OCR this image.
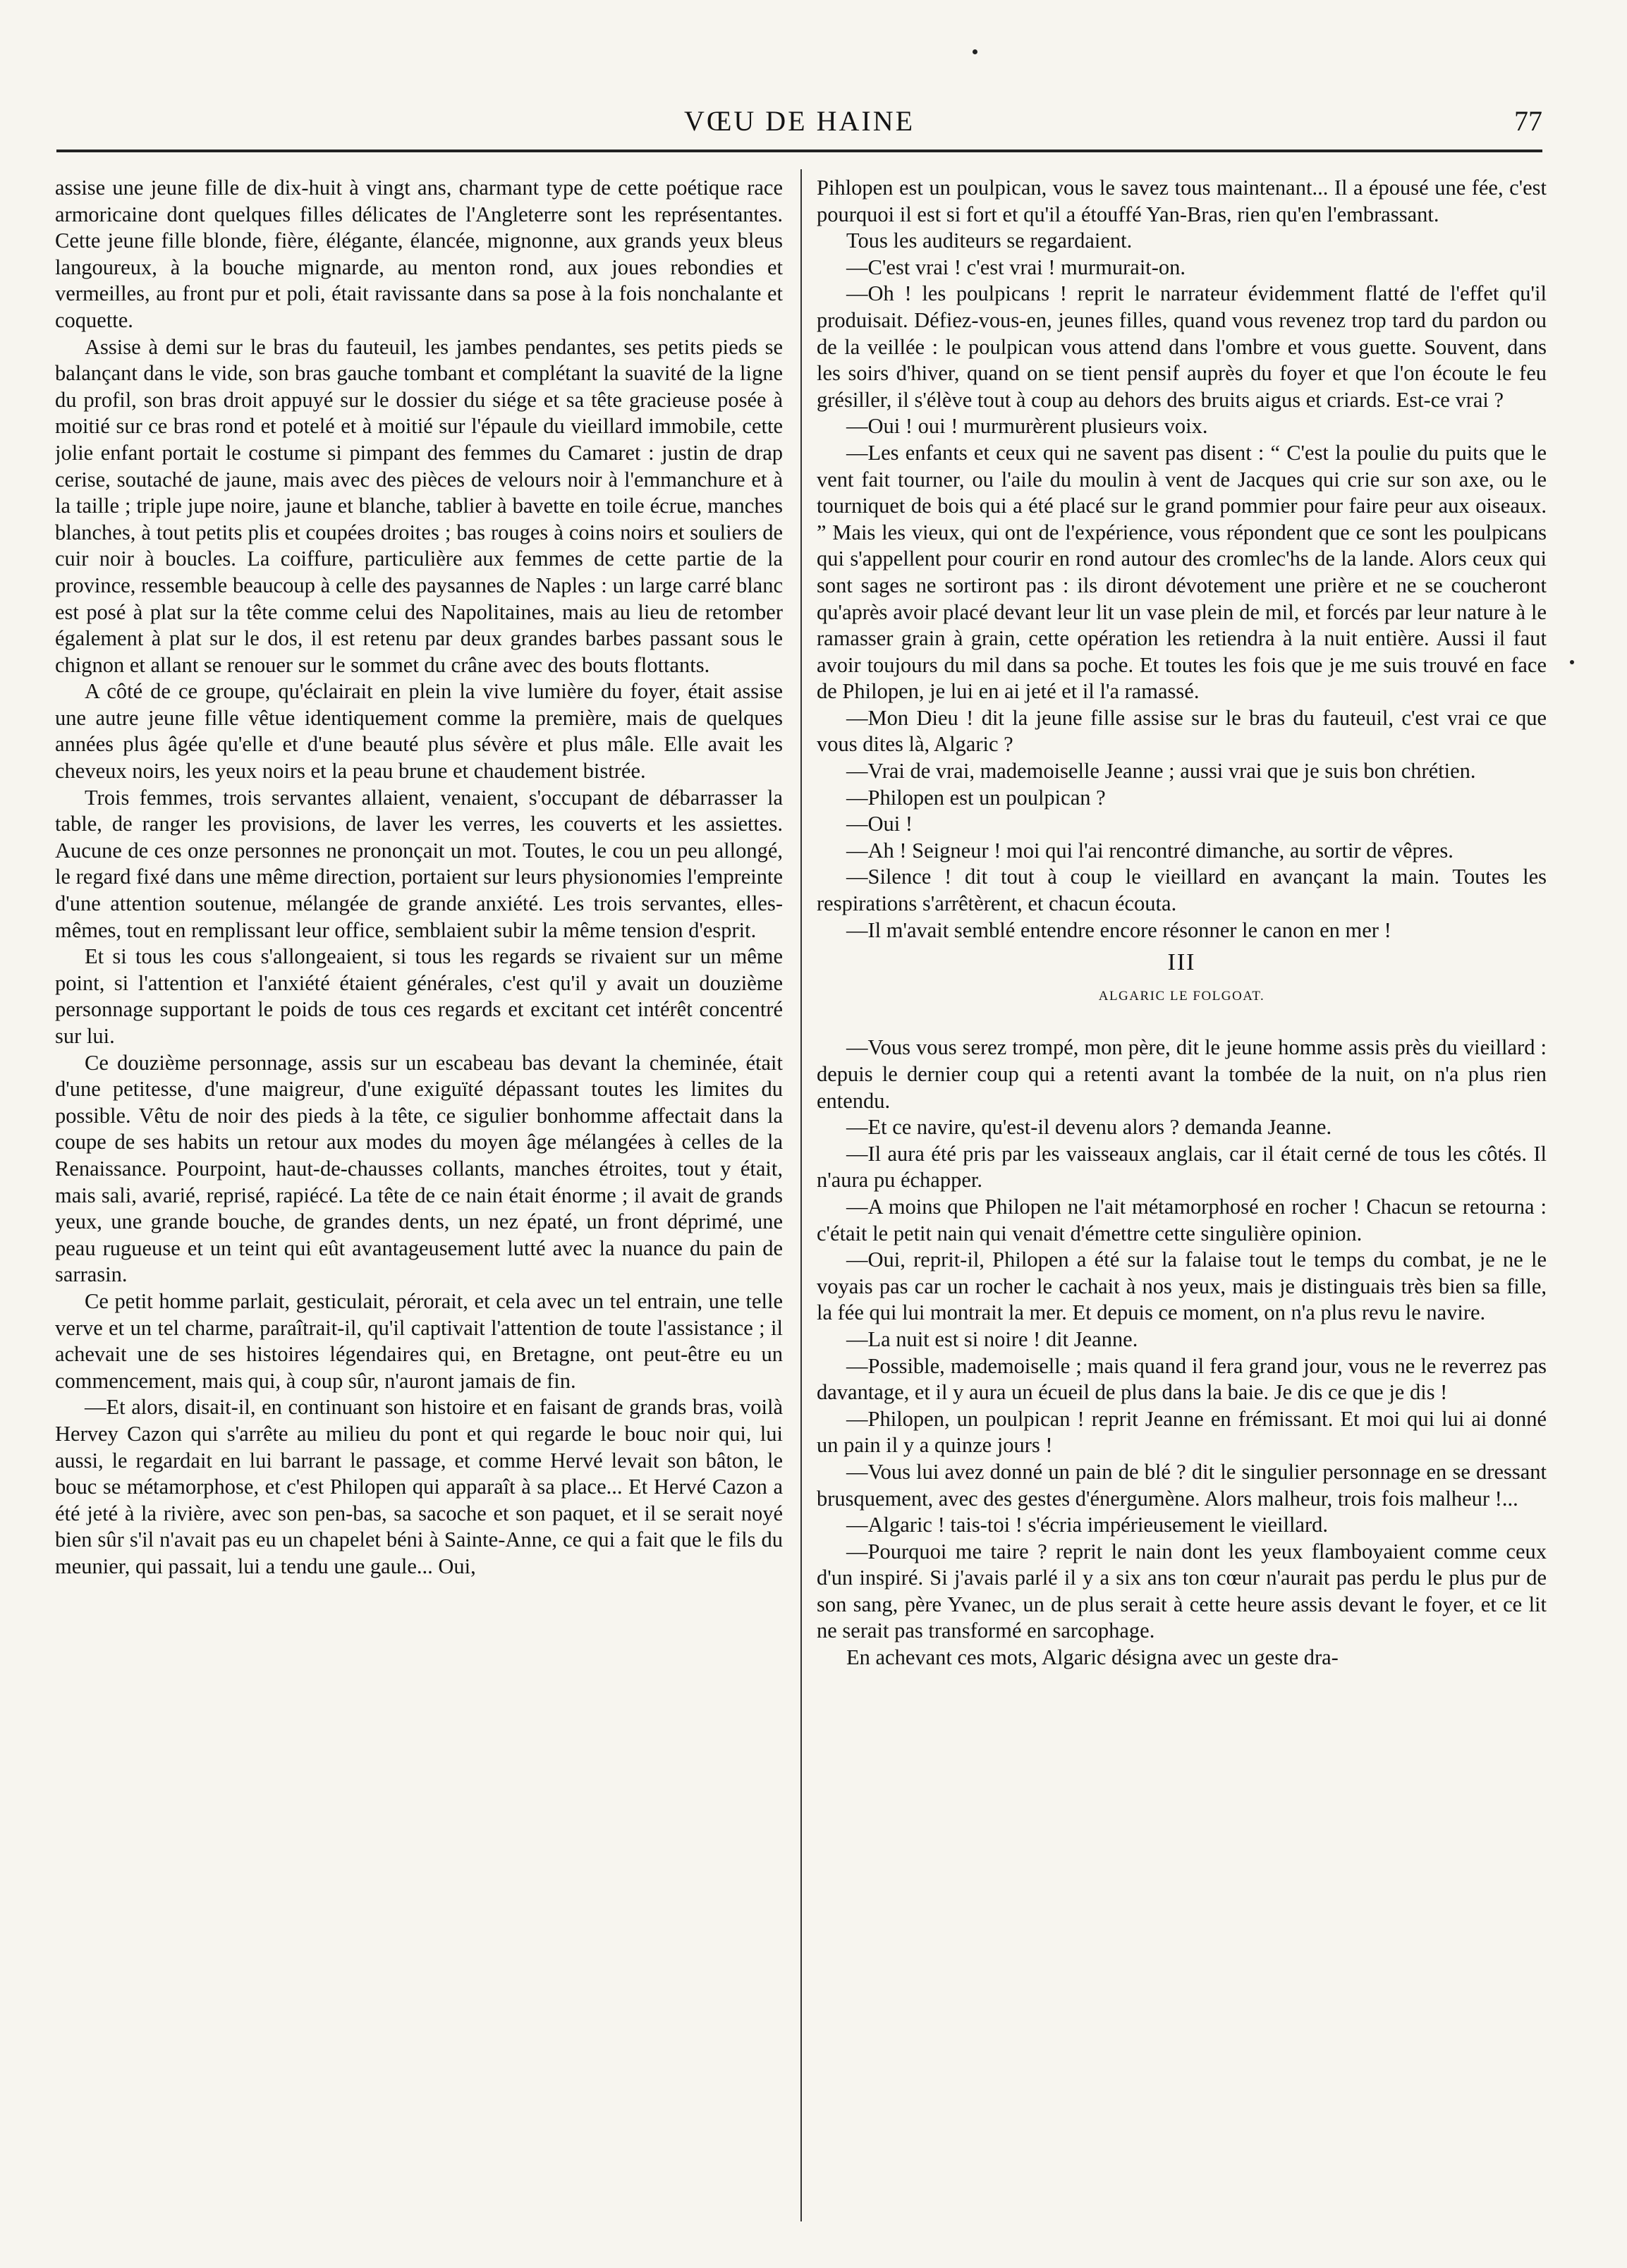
VŒU DE HAINE	77

assise une jeune fille de dix-huit à vingt ans, charmant type de cette poétique race armoricaine dont quelques filles délicates de l'Angleterre sont les représentantes. Cette jeune fille blonde, fière, élégante, élancée, mignonne, aux grands yeux bleus langoureux, à la bouche mignarde, au menton rond, aux joues rebondies et vermeilles, au front pur et poli, était ravissante dans sa pose à la fois nonchalante et coquette.

Assise à demi sur le bras du fauteuil, les jambes pendantes, ses petits pieds se balançant dans le vide, son bras gauche tombant et complétant la suavité de la ligne du profil, son bras droit appuyé sur le dossier du siége et sa tête gracieuse posée à moitié sur ce bras rond et potelé et à moitié sur l'épaule du vieillard immobile, cette jolie enfant portait le costume si pimpant des femmes du Camaret : justin de drap cerise, soutaché de jaune, mais avec des pièces de velours noir à l'emmanchure et à la taille ; triple jupe noire, jaune et blanche, tablier à bavette en toile écrue, manches blanches, à tout petits plis et coupées droites ; bas rouges à coins noirs et souliers de cuir noir à boucles. La coiffure, particulière aux femmes de cette partie de la province, ressemble beaucoup à celle des paysannes de Naples : un large carré blanc est posé à plat sur la tête comme celui des Napolitaines, mais au lieu de retomber également à plat sur le dos, il est retenu par deux grandes barbes passant sous le chignon et allant se renouer sur le sommet du crâne avec des bouts flottants.

A côté de ce groupe, qu'éclairait en plein la vive lumière du foyer, était assise une autre jeune fille vêtue identiquement comme la première, mais de quelques années plus âgée qu'elle et d'une beauté plus sévère et plus mâle. Elle avait les cheveux noirs, les yeux noirs et la peau brune et chaudement bistrée.

Trois femmes, trois servantes allaient, venaient, s'occupant de débarrasser la table, de ranger les provisions, de laver les verres, les couverts et les assiettes. Aucune de ces onze personnes ne prononçait un mot. Toutes, le cou un peu allongé, le regard fixé dans une même direction, portaient sur leurs physionomies l'empreinte d'une attention soutenue, mélangée de grande anxiété. Les trois servantes, elles-mêmes, tout en remplissant leur office, semblaient subir la même tension d'esprit.

Et si tous les cous s'allongeaient, si tous les regards se rivaient sur un même point, si l'attention et l'anxiété étaient générales, c'est qu'il y avait un douzième personnage supportant le poids de tous ces regards et excitant cet intérêt concentré sur lui.

Ce douzième personnage, assis sur un escabeau bas devant la cheminée, était d'une petitesse, d'une maigreur, d'une exiguïté dépassant toutes les limites du possible. Vêtu de noir des pieds à la tête, ce sigulier bonhomme affectait dans la coupe de ses habits un retour aux modes du moyen âge mélangées à celles de la Renaissance. Pourpoint, haut-de-chausses collants, manches étroites, tout y était, mais sali, avarié, reprisé, rapiécé. La tête de ce nain était énorme ; il avait de grands yeux, une grande bouche, de grandes dents, un nez épaté, un front déprimé, une peau rugueuse et un teint qui eût avantageusement lutté avec la nuance du pain de sarrasin.

Ce petit homme parlait, gesticulait, pérorait, et cela avec un tel entrain, une telle verve et un tel charme, paraîtrait-il, qu'il captivait l'attention de toute l'assistance ; il achevait une de ses histoires légendaires qui, en Bretagne, ont peut-être eu un commencement, mais qui, à coup sûr, n'auront jamais de fin.

—Et alors, disait-il, en continuant son histoire et en faisant de grands bras, voilà Hervey Cazon qui s'arrête au milieu du pont et qui regarde le bouc noir qui, lui aussi, le regardait en lui barrant le passage, et comme Hervé levait son bâton, le bouc se métamorphose, et c'est Philopen qui apparaît à sa place... Et Hervé Cazon a été jeté à la rivière, avec son pen-bas, sa sacoche et son paquet, et il se serait noyé bien sûr s'il n'avait pas eu un chapelet béni à Sainte-Anne, ce qui a fait que le fils du meunier, qui passait, lui a tendu une gaule... Oui,

Pihlopen est un poulpican, vous le savez tous maintenant... Il a épousé une fée, c'est pourquoi il est si fort et qu'il a étouffé Yan-Bras, rien qu'en l'embrassant.

Tous les auditeurs se regardaient.

—C'est vrai ! c'est vrai ! murmurait-on.

—Oh ! les poulpicans ! reprit le narrateur évidemment flatté de l'effet qu'il produisait. Défiez-vous-en, jeunes filles, quand vous revenez trop tard du pardon ou de la veillée : le poulpican vous attend dans l'ombre et vous guette. Souvent, dans les soirs d'hiver, quand on se tient pensif auprès du foyer et que l'on écoute le feu grésiller, il s'élève tout à coup au dehors des bruits aigus et criards. Est-ce vrai ?

—Oui ! oui ! murmurèrent plusieurs voix.

—Les enfants et ceux qui ne savent pas disent : “ C'est la poulie du puits que le vent fait tourner, ou l'aile du moulin à vent de Jacques qui crie sur son axe, ou le tourniquet de bois qui a été placé sur le grand pommier pour faire peur aux oiseaux. ” Mais les vieux, qui ont de l'expérience, vous répondent que ce sont les poulpicans qui s'appellent pour courir en rond autour des cromlec'hs de la lande. Alors ceux qui sont sages ne sortiront pas : ils diront dévotement une prière et ne se coucheront qu'après avoir placé devant leur lit un vase plein de mil, et forcés par leur nature à le ramasser grain à grain, cette opération les retiendra à la nuit entière. Aussi il faut avoir toujours du mil dans sa poche. Et toutes les fois que je me suis trouvé en face de Philopen, je lui en ai jeté et il l'a ramassé.

—Mon Dieu ! dit la jeune fille assise sur le bras du fauteuil, c'est vrai ce que vous dites là, Algaric ?

—Vrai de vrai, mademoiselle Jeanne ; aussi vrai que je suis bon chrétien.

—Philopen est un poulpican ?

—Oui !

—Ah ! Seigneur ! moi qui l'ai rencontré dimanche, au sortir de vêpres.

—Silence ! dit tout à coup le vieillard en avançant la main. Toutes les respirations s'arrêtèrent, et chacun écouta.

—Il m'avait semblé entendre encore résonner le canon en mer !

III
ALGARIC LE FOLGOAT.

—Vous vous serez trompé, mon père, dit le jeune homme assis près du vieillard : depuis le dernier coup qui a retenti avant la tombée de la nuit, on n'a plus rien entendu.

—Et ce navire, qu'est-il devenu alors ? demanda Jeanne.

—Il aura été pris par les vaisseaux anglais, car il était cerné de tous les côtés. Il n'aura pu échapper.

—A moins que Philopen ne l'ait métamorphosé en rocher ! Chacun se retourna : c'était le petit nain qui venait d'émettre cette singulière opinion.

—Oui, reprit-il, Philopen a été sur la falaise tout le temps du combat, je ne le voyais pas car un rocher le cachait à nos yeux, mais je distinguais très bien sa fille, la fée qui lui montrait la mer. Et depuis ce moment, on n'a plus revu le navire.

—La nuit est si noire ! dit Jeanne.

—Possible, mademoiselle ; mais quand il fera grand jour, vous ne le reverrez pas davantage, et il y aura un écueil de plus dans la baie. Je dis ce que je dis !

—Philopen, un poulpican ! reprit Jeanne en frémissant. Et moi qui lui ai donné un pain il y a quinze jours !

—Vous lui avez donné un pain de blé ? dit le singulier personnage en se dressant brusquement, avec des gestes d'énergumène. Alors malheur, trois fois malheur !...

—Algaric ! tais-toi ! s'écria impérieusement le vieillard.

—Pourquoi me taire ? reprit le nain dont les yeux flamboyaient comme ceux d'un inspiré. Si j'avais parlé il y a six ans ton cœur n'aurait pas perdu le plus pur de son sang, père Yvanec, un de plus serait à cette heure assis devant le foyer, et ce lit ne serait pas transformé en sarcophage.

En achevant ces mots, Algaric désigna avec un geste dra-
